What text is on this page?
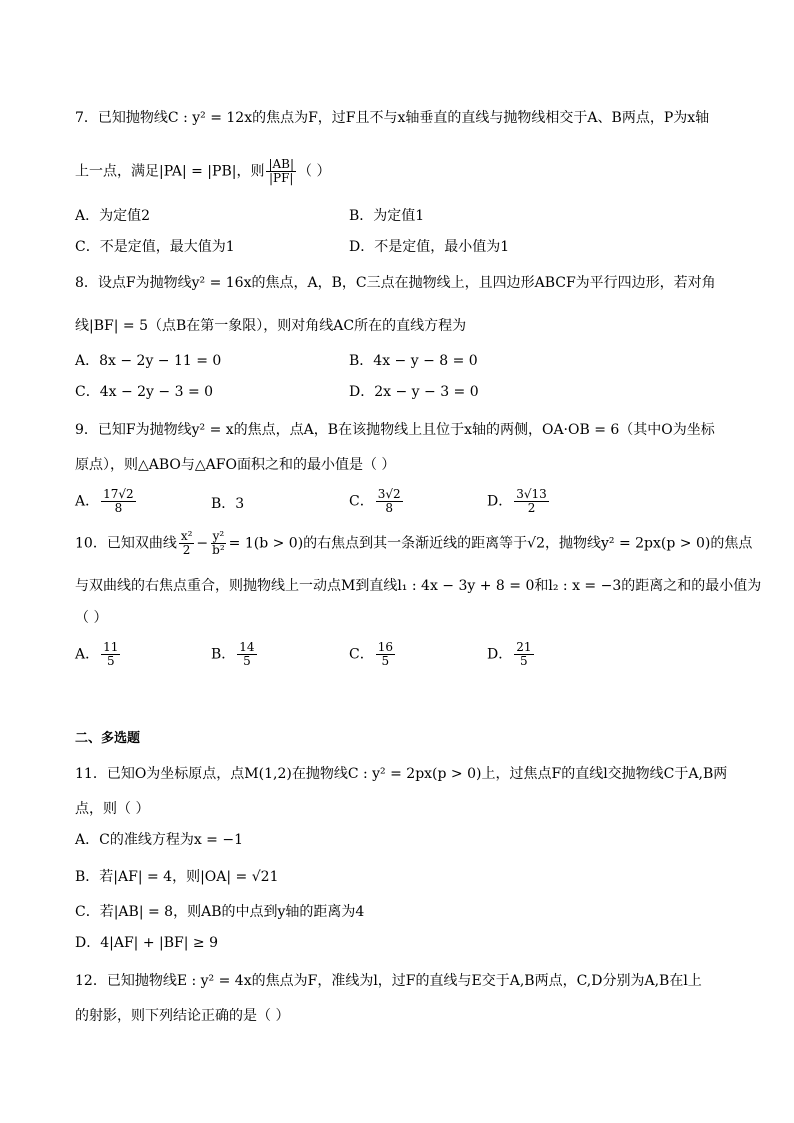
7．已知抛物线C : y² = 12x的焦点为F，过F且不与x轴垂直的直线与抛物线相交于A、B两点，P为x轴
上一点，满足|PA| = |PB|，则 $\frac{|AB|}{|PF|}$ （ ）
A．为定值2	B．为定值1
C．不是定值，最大值为1	D．不是定值，最小值为1
8．设点F为抛物线y² = 16x的焦点，A，B，C三点在抛物线上，且四边形ABCF为平行四边形，若对角
线|BF| = 5（点B在第一象限），则对角线AC所在的直线方程为
A．8x − 2y − 11 = 0	B．4x − y − 8 = 0
C．4x − 2y − 3 = 0	D．2x − y − 3 = 0
9．已知F为抛物线y² = x的焦点，点A，B在该抛物线上且位于x轴的两侧，OA·OB = 6（其中O为坐标
原点），则△ABO与△AFO面积之和的最小值是（ ）
A． $\frac{17√2}{8}$	B．3	C． $\frac{3√2}{8}$	D． $\frac{3√13}{2}$
10．已知双曲线 $\frac{\text{x²}}{2} - \frac{\text{y²}}{\text{b²}} = 1(b > 0)$的右焦点到其一条渐近线的距离等于√2，抛物线y² = 2px(p > 0)的焦点
与双曲线的右焦点重合，则抛物线上一动点M到直线l₁ : 4x − 3y + 8 = 0和l₂ : x = −3的距离之和的最小值为
（ ）
A． $\frac{11}{5}$	B． $\frac{14}{5}$	C． $\frac{16}{5}$	D． $\frac{21}{5}$
二、多选题
11．已知O为坐标原点，点M(1,2)在抛物线C : y² = 2px(p > 0)上，过焦点F的直线l交抛物线C于A,B两
点，则（ ）
A．C的准线方程为x = −1
B．若|AF| = 4，则|OA| = √21
C．若|AB| = 8，则AB的中点到y轴的距离为4
D．4|AF| + |BF| ≥ 9
12．已知抛物线E : y² = 4x的焦点为F，准线为l，过F的直线与E交于A,B两点，C,D分别为A,B在l上
的射影，则下列结论正确的是（ ）
